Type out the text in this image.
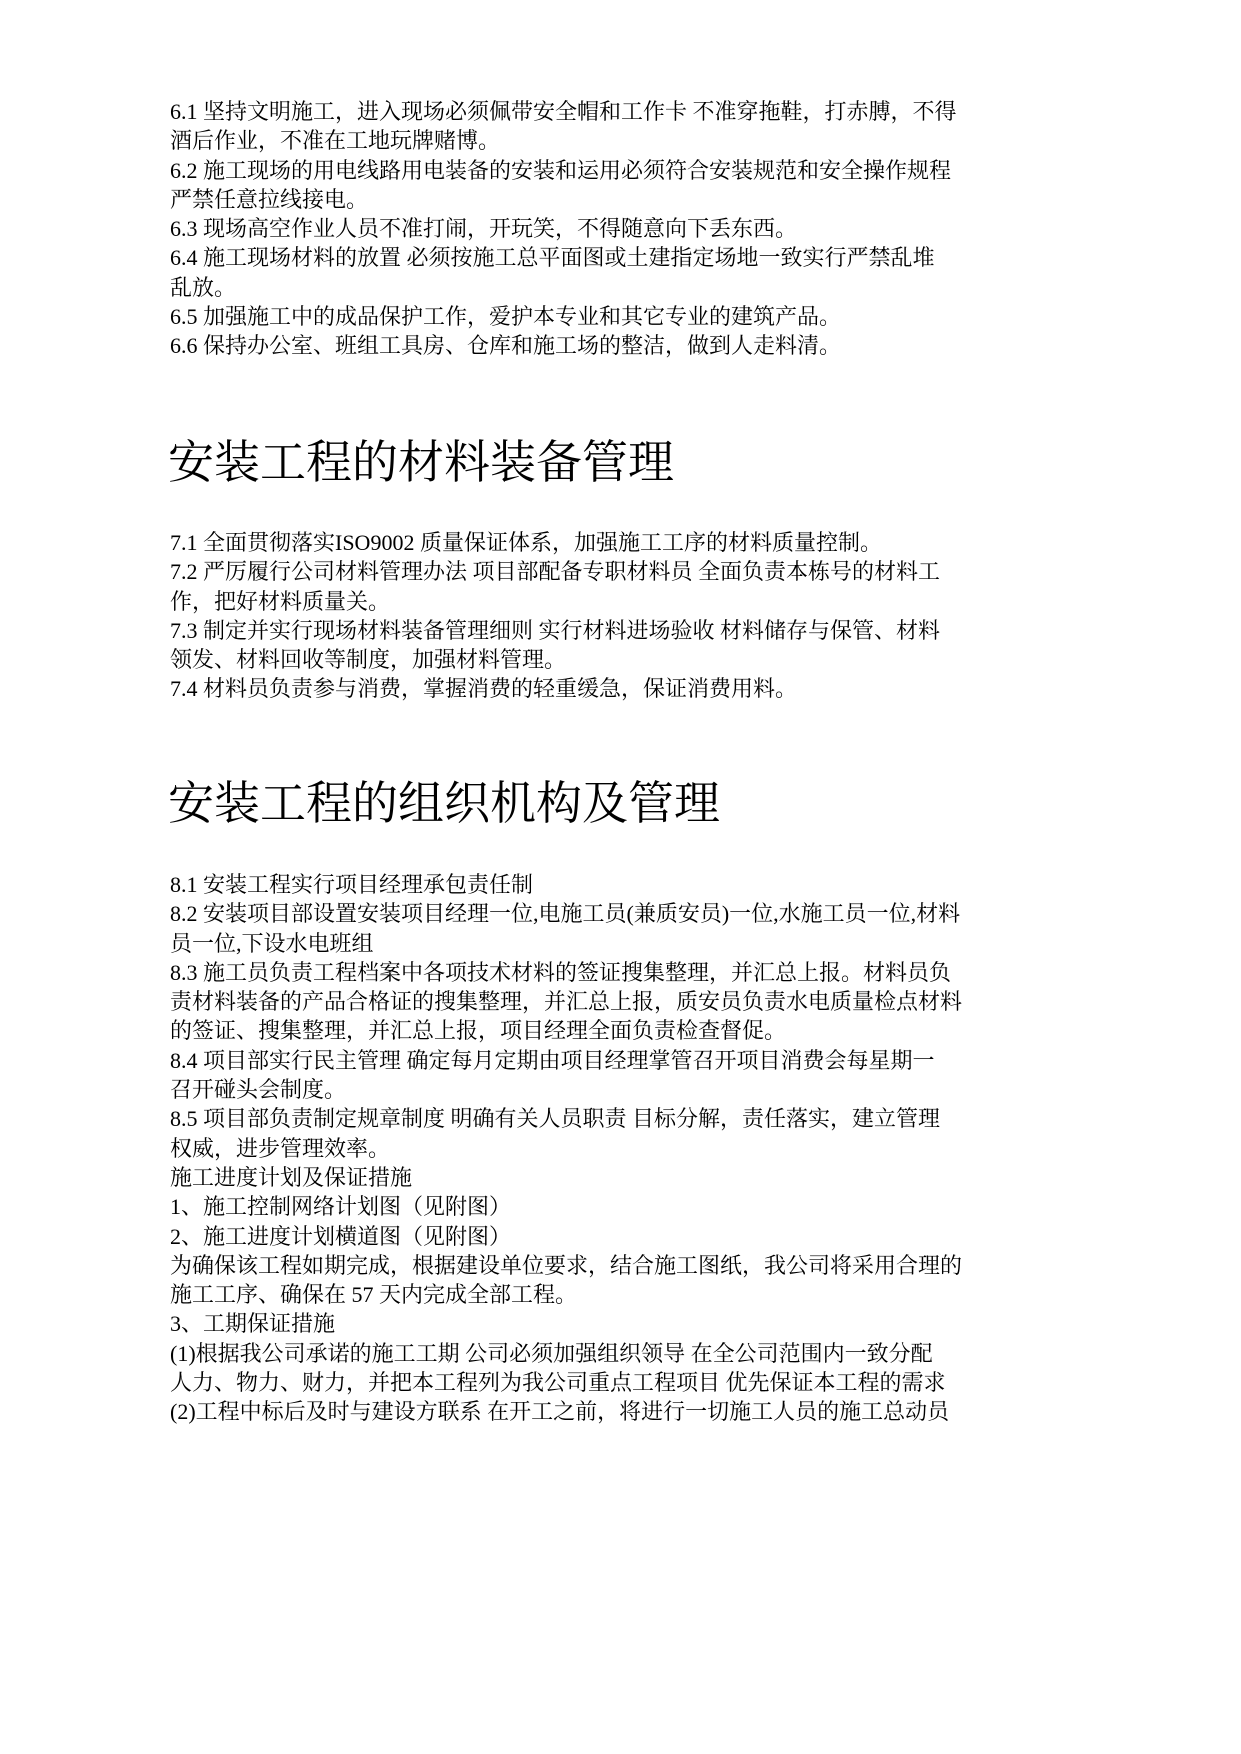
6.1 坚持文明施工，进入现场必须佩带安全帽和工作卡 不准穿拖鞋，打赤膊，不得
酒后作业，不准在工地玩牌赌博。
6.2 施工现场的用电线路用电装备的安装和运用必须符合安装规范和安全操作规程
严禁任意拉线接电。
6.3 现场高空作业人员不准打闹，开玩笑，不得随意向下丢东西。
6.4 施工现场材料的放置 必须按施工总平面图或土建指定场地一致实行严禁乱堆
乱放。
6.5 加强施工中的成品保护工作，爱护本专业和其它专业的建筑产品。
6.6 保持办公室、班组工具房、仓库和施工场的整洁，做到人走料清。
安装工程的材料装备管理
7.1 全面贯彻落实ISO9002 质量保证体系，加强施工工序的材料质量控制。
7.2 严厉履行公司材料管理办法 项目部配备专职材料员 全面负责本栋号的材料工
作，把好材料质量关。
7.3 制定并实行现场材料装备管理细则 实行材料进场验收 材料储存与保管、材料
领发、材料回收等制度，加强材料管理。
7.4 材料员负责参与消费，掌握消费的轻重缓急，保证消费用料。
安装工程的组织机构及管理
8.1 安装工程实行项目经理承包责任制
8.2 安装项目部设置安装项目经理一位,电施工员(兼质安员)一位,水施工员一位,材料
员一位,下设水电班组
8.3 施工员负责工程档案中各项技术材料的签证搜集整理，并汇总上报。材料员负
责材料装备的产品合格证的搜集整理，并汇总上报，质安员负责水电质量检点材料
的签证、搜集整理，并汇总上报，项目经理全面负责检查督促。
8.4 项目部实行民主管理 确定每月定期由项目经理掌管召开项目消费会每星期一
召开碰头会制度。
8.5 项目部负责制定规章制度 明确有关人员职责 目标分解，责任落实，建立管理
权威，进步管理效率。
施工进度计划及保证措施
1、施工控制网络计划图（见附图）
2、施工进度计划横道图（见附图）
为确保该工程如期完成，根据建设单位要求，结合施工图纸，我公司将采用合理的
施工工序、确保在 57 天内完成全部工程。
3、工期保证措施
(1)根据我公司承诺的施工工期 公司必须加强组织领导 在全公司范围内一致分配
人力、物力、财力，并把本工程列为我公司重点工程项目 优先保证本工程的需求
(2)工程中标后及时与建设方联系 在开工之前，将进行一切施工人员的施工总动员
